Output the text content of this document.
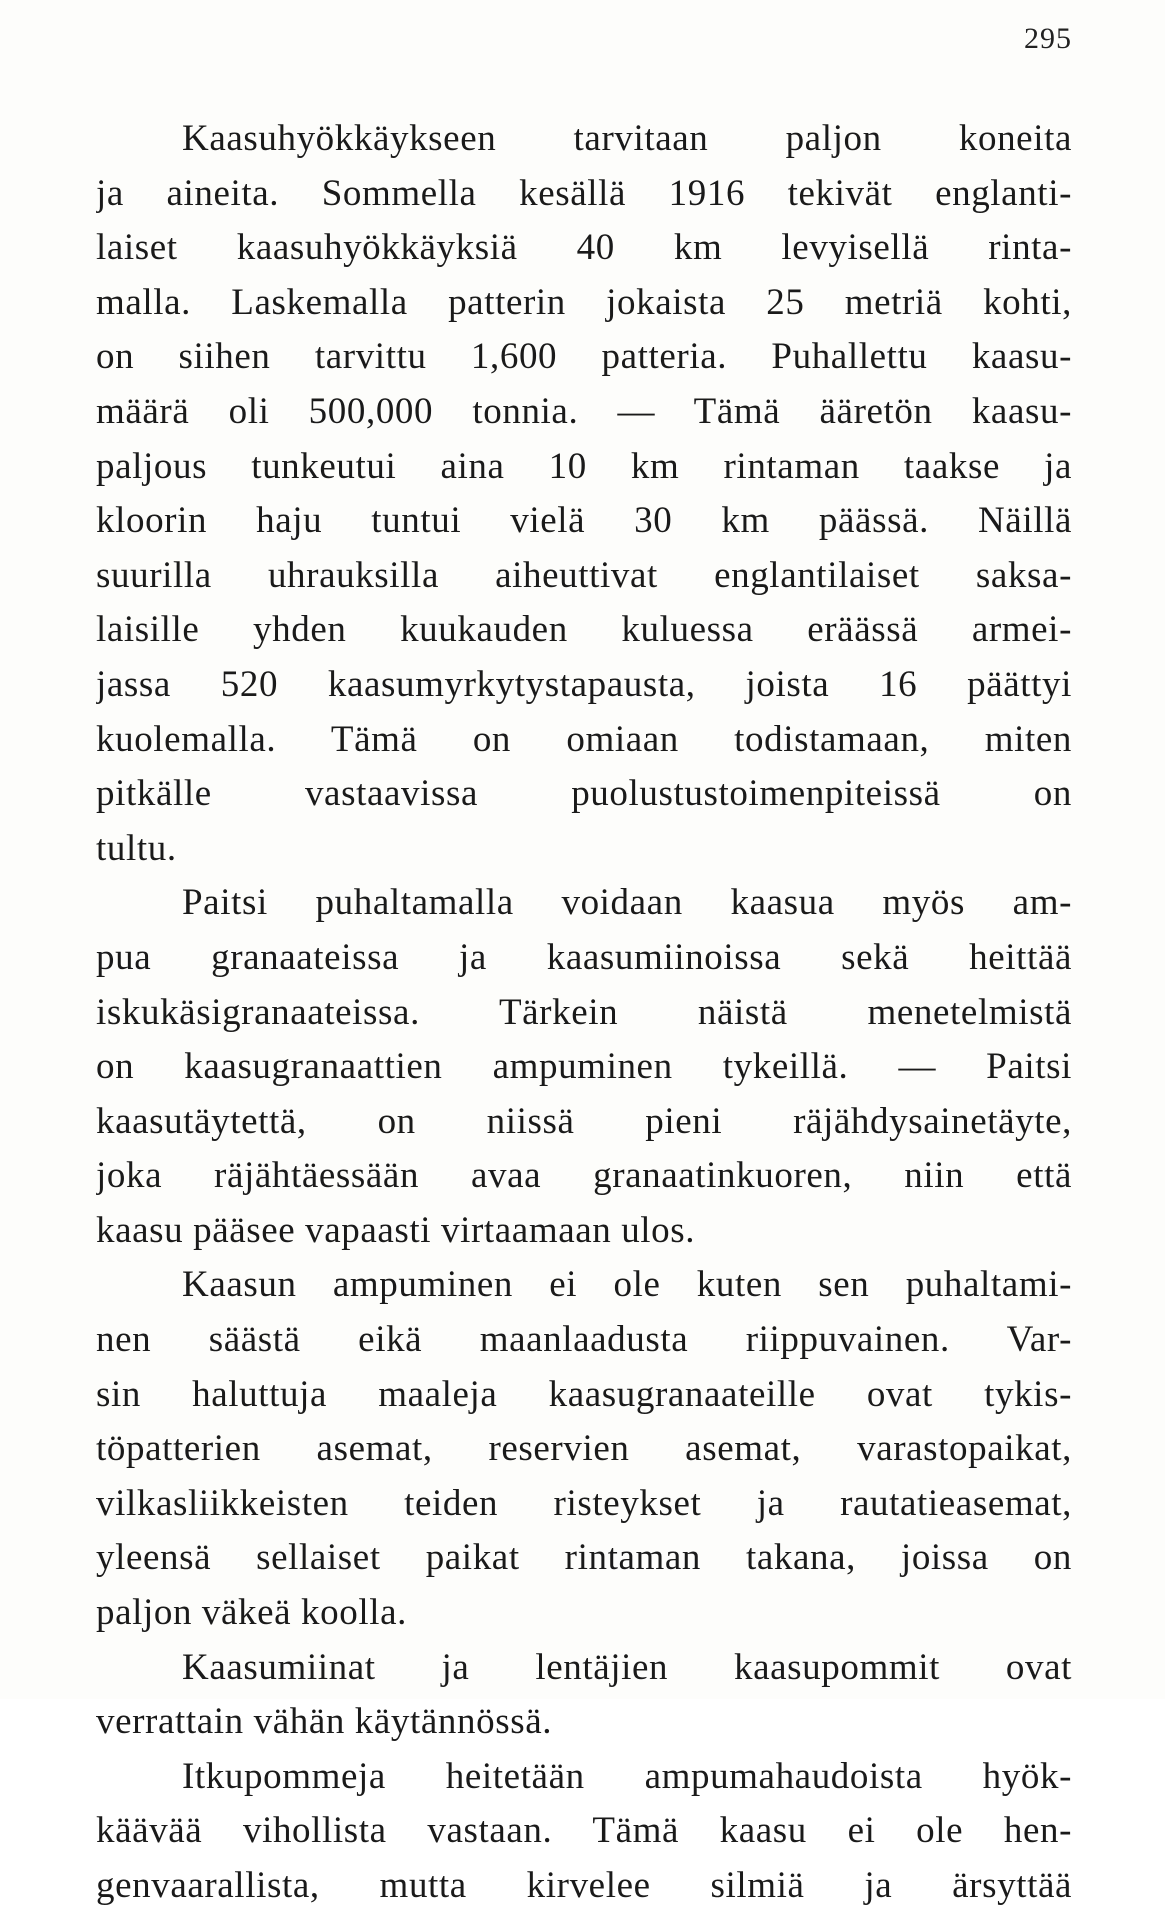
295
Kaasuhyökkäykseen tarvitaan paljon koneita
ja aineita. Sommella kesällä 1916 tekivät englanti-
laiset kaasuhyökkäyksiä 40 km levyisellä rinta-
malla. Laskemalla patterin jokaista 25 metriä kohti,
on siihen tarvittu 1,600 patteria. Puhallettu kaasu-
määrä oli 500,000 tonnia. — Tämä ääretön kaasu-
paljous tunkeutui aina 10 km rintaman taakse ja
kloorin haju tuntui vielä 30 km päässä. Näillä
suurilla uhrauksilla aiheuttivat englantilaiset saksa-
laisille yhden kuukauden kuluessa eräässä armei-
jassa 520 kaasumyrkytystapausta, joista 16 päättyi
kuolemalla. Tämä on omiaan todistamaan, miten
pitkälle vastaavissa puolustustoimenpiteissä on
tultu.
Paitsi puhaltamalla voidaan kaasua myös am-
pua granaateissa ja kaasumiinoissa sekä heittää
iskukäsigranaateissa. Tärkein näistä menetelmistä
on kaasugranaattien ampuminen tykeillä. — Paitsi
kaasutäytettä, on niissä pieni räjähdysainetäyte,
joka räjähtäessään avaa granaatinkuoren, niin että
kaasu pääsee vapaasti virtaamaan ulos.
Kaasun ampuminen ei ole kuten sen puhaltami-
nen säästä eikä maanlaadusta riippuvainen. Var-
sin haluttuja maaleja kaasugranaateille ovat tykis-
töpatterien asemat, reservien asemat, varastopaikat,
vilkasliikkeisten teiden risteykset ja rautatieasemat,
yleensä sellaiset paikat rintaman takana, joissa on
paljon väkeä koolla.
Kaasumiinat ja lentäjien kaasupommit ovat
verrattain vähän käytännössä.
Itkupommeja heitetään ampumahaudoista hyök-
käävää vihollista vastaan. Tämä kaasu ei ole hen-
genvaarallista, mutta kirvelee silmiä ja ärsyttää
